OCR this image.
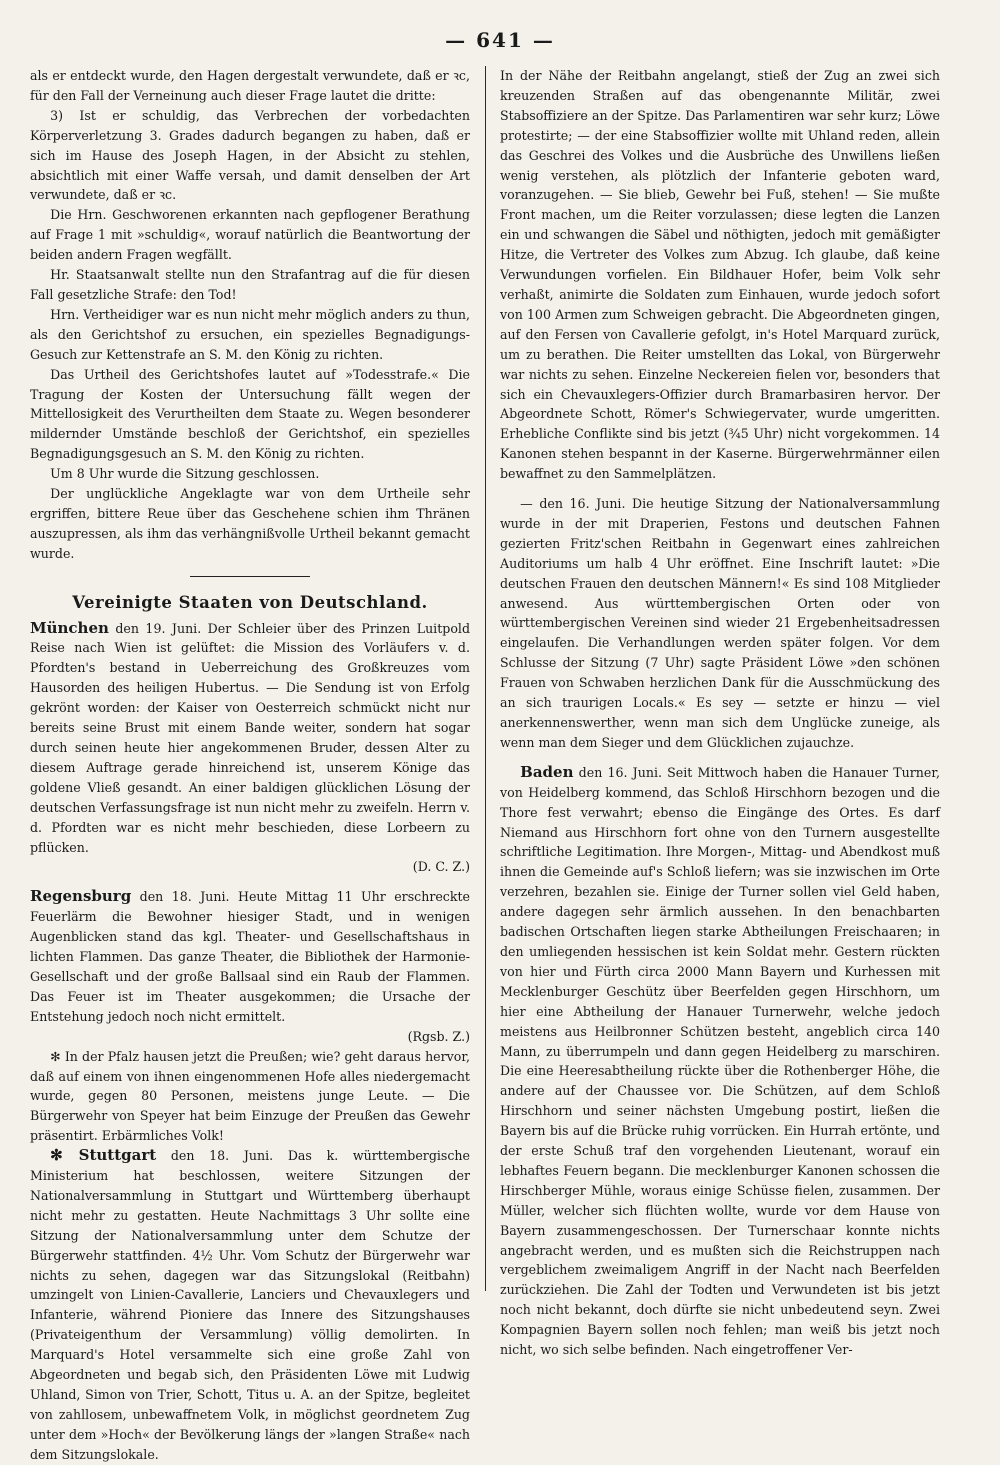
— 641 —

als er entdeckt wurde, den Hagen dergestalt verwundete, daß er ꝛc, für den Fall der Verneinung auch dieser Frage lautet die dritte:

3) Ist er schuldig, das Verbrechen der vorbedachten Körperverletzung 3. Grades dadurch begangen zu haben, daß er sich im Hause des Joseph Hagen, in der Absicht zu stehlen, absichtlich mit einer Waffe versah, und damit denselben der Art verwundete, daß er ꝛc.

Die Hrn. Geschworenen erkannten nach gepflogener Berathung auf Frage 1 mit »schuldig«, worauf natürlich die Beantwortung der beiden andern Fragen wegfällt.

Hr. Staatsanwalt stellte nun den Strafantrag auf die für diesen Fall gesetzliche Strafe: den Tod!

Hrn. Vertheidiger war es nun nicht mehr möglich anders zu thun, als den Gerichtshof zu ersuchen, ein spezielles Begnadigungs-Gesuch zur Kettenstrafe an S. M. den König zu richten.

Das Urtheil des Gerichtshofes lautet auf »Todesstrafe.« Die Tragung der Kosten der Untersuchung fällt wegen der Mittellosigkeit des Verurtheilten dem Staate zu. Wegen besonderer mildernder Umstände beschloß der Gerichtshof, ein spezielles Begnadigungsgesuch an S. M. den König zu richten.

Um 8 Uhr wurde die Sitzung geschlossen.

Der unglückliche Angeklagte war von dem Urtheile sehr ergriffen, bittere Reue über das Geschehene schien ihm Thränen auszupressen, als ihm das verhängnißvolle Urtheil bekannt gemacht wurde.

Vereinigte Staaten von Deutschland.

München den 19. Juni. Der Schleier über des Prinzen Luitpold Reise nach Wien ist gelüftet: die Mission des Vorläufers v. d. Pfordten's bestand in Ueberreichung des Großkreuzes vom Hausorden des heiligen Hubertus. — Die Sendung ist von Erfolg gekrönt worden: der Kaiser von Oesterreich schmückt nicht nur bereits seine Brust mit einem Bande weiter, sondern hat sogar durch seinen heute hier angekommenen Bruder, dessen Alter zu diesem Auftrage gerade hinreichend ist, unserem Könige das goldene Vließ gesandt. An einer baldigen glücklichen Lösung der deutschen Verfassungsfrage ist nun nicht mehr zu zweifeln. Herrn v. d. Pfordten war es nicht mehr beschieden, diese Lorbeern zu pflücken.

(D. C. Z.)

Regensburg den 18. Juni. Heute Mittag 11 Uhr erschreckte Feuerlärm die Bewohner hiesiger Stadt, und in wenigen Augenblicken stand das kgl. Theater- und Gesellschaftshaus in lichten Flammen. Das ganze Theater, die Bibliothek der Harmonie-Gesellschaft und der große Ballsaal sind ein Raub der Flammen. Das Feuer ist im Theater ausgekommen; die Ursache der Entstehung jedoch noch nicht ermittelt.

(Rgsb. Z.)

✻ In der Pfalz hausen jetzt die Preußen; wie? geht daraus hervor, daß auf einem von ihnen eingenommenen Hofe alles niedergemacht wurde, gegen 80 Personen, meistens junge Leute. — Die Bürgerwehr von Speyer hat beim Einzuge der Preußen das Gewehr präsentirt. Erbärmliches Volk!

✻ Stuttgart den 18. Juni. Das k. württembergische Ministerium hat beschlossen, weitere Sitzungen der Nationalversammlung in Stuttgart und Württemberg überhaupt nicht mehr zu gestatten. Heute Nachmittags 3 Uhr sollte eine Sitzung der Nationalversammlung unter dem Schutze der Bürgerwehr stattfinden. 4½ Uhr. Vom Schutz der Bürgerwehr war nichts zu sehen, dagegen war das Sitzungslokal (Reitbahn) umzingelt von Linien-Cavallerie, Lanciers und Chevauxlegers und Infanterie, während Pioniere das Innere des Sitzungshauses (Privateigenthum der Versammlung) völlig demolirten. In Marquard's Hotel versammelte sich eine große Zahl von Abgeordneten und begab sich, den Präsidenten Löwe mit Ludwig Uhland, Simon von Trier, Schott, Titus u. A. an der Spitze, begleitet von zahllosem, unbewaffnetem Volk, in möglichst geordnetem Zug unter dem »Hoch« der Bevölkerung längs der »langen Straße« nach dem Sitzungslokale.

In der Nähe der Reitbahn angelangt, stieß der Zug an zwei sich kreuzenden Straßen auf das obengenannte Militär, zwei Stabsoffiziere an der Spitze. Das Parlamentiren war sehr kurz; Löwe protestirte; — der eine Stabsoffizier wollte mit Uhland reden, allein das Geschrei des Volkes und die Ausbrüche des Unwillens ließen wenig verstehen, als plötzlich der Infanterie geboten ward, voranzugehen. — Sie blieb, Gewehr bei Fuß, stehen! — Sie mußte Front machen, um die Reiter vorzulassen; diese legten die Lanzen ein und schwangen die Säbel und nöthigten, jedoch mit gemäßigter Hitze, die Vertreter des Volkes zum Abzug. Ich glaube, daß keine Verwundungen vorfielen. Ein Bildhauer Hofer, beim Volk sehr verhaßt, animirte die Soldaten zum Einhauen, wurde jedoch sofort von 100 Armen zum Schweigen gebracht. Die Abgeordneten gingen, auf den Fersen von Cavallerie gefolgt, in's Hotel Marquard zurück, um zu berathen. Die Reiter umstellten das Lokal, von Bürgerwehr war nichts zu sehen. Einzelne Neckereien fielen vor, besonders that sich ein Chevauxlegers-Offizier durch Bramarbasiren hervor. Der Abgeordnete Schott, Römer's Schwiegervater, wurde umgeritten. Erhebliche Conflikte sind bis jetzt (¾5 Uhr) nicht vorgekommen. 14 Kanonen stehen bespannt in der Kaserne. Bürgerwehrmänner eilen bewaffnet zu den Sammelplätzen.

— den 16. Juni. Die heutige Sitzung der Nationalversammlung wurde in der mit Draperien, Festons und deutschen Fahnen gezierten Fritz'schen Reitbahn in Gegenwart eines zahlreichen Auditoriums um halb 4 Uhr eröffnet. Eine Inschrift lautet: »Die deutschen Frauen den deutschen Männern!« Es sind 108 Mitglieder anwesend. Aus württembergischen Orten oder von württembergischen Vereinen sind wieder 21 Ergebenheitsadressen eingelaufen. Die Verhandlungen werden später folgen. Vor dem Schlusse der Sitzung (7 Uhr) sagte Präsident Löwe »den schönen Frauen von Schwaben herzlichen Dank für die Ausschmückung des an sich traurigen Locals.« Es sey — setzte er hinzu — viel anerkennenswerther, wenn man sich dem Unglücke zuneige, als wenn man dem Sieger und dem Glücklichen zujauchze.

Baden den 16. Juni. Seit Mittwoch haben die Hanauer Turner, von Heidelberg kommend, das Schloß Hirschhorn bezogen und die Thore fest verwahrt; ebenso die Eingänge des Ortes. Es darf Niemand aus Hirschhorn fort ohne von den Turnern ausgestellte schriftliche Legitimation. Ihre Morgen-, Mittag- und Abendkost muß ihnen die Gemeinde auf's Schloß liefern; was sie inzwischen im Orte verzehren, bezahlen sie. Einige der Turner sollen viel Geld haben, andere dagegen sehr ärmlich aussehen. In den benachbarten badischen Ortschaften liegen starke Abtheilungen Freischaaren; in den umliegenden hessischen ist kein Soldat mehr. Gestern rückten von hier und Fürth circa 2000 Mann Bayern und Kurhessen mit Mecklenburger Geschütz über Beerfelden gegen Hirschhorn, um hier eine Abtheilung der Hanauer Turnerwehr, welche jedoch meistens aus Heilbronner Schützen besteht, angeblich circa 140 Mann, zu überrumpeln und dann gegen Heidelberg zu marschiren. Die eine Heeresabtheilung rückte über die Rothenberger Höhe, die andere auf der Chaussee vor. Die Schützen, auf dem Schloß Hirschhorn und seiner nächsten Umgebung postirt, ließen die Bayern bis auf die Brücke ruhig vorrücken. Ein Hurrah ertönte, und der erste Schuß traf den vorgehenden Lieutenant, worauf ein lebhaftes Feuern begann. Die mecklenburger Kanonen schossen die Hirschberger Mühle, woraus einige Schüsse fielen, zusammen. Der Müller, welcher sich flüchten wollte, wurde vor dem Hause von Bayern zusammengeschossen. Der Turnerschaar konnte nichts angebracht werden, und es mußten sich die Reichstruppen nach vergeblichem zweimaligem Angriff in der Nacht nach Beerfelden zurückziehen. Die Zahl der Todten und Verwundeten ist bis jetzt noch nicht bekannt, doch dürfte sie nicht unbedeutend seyn. Zwei Kompagnien Bayern sollen noch fehlen; man weiß bis jetzt noch nicht, wo sich selbe befinden. Nach eingetroffener Ver-
